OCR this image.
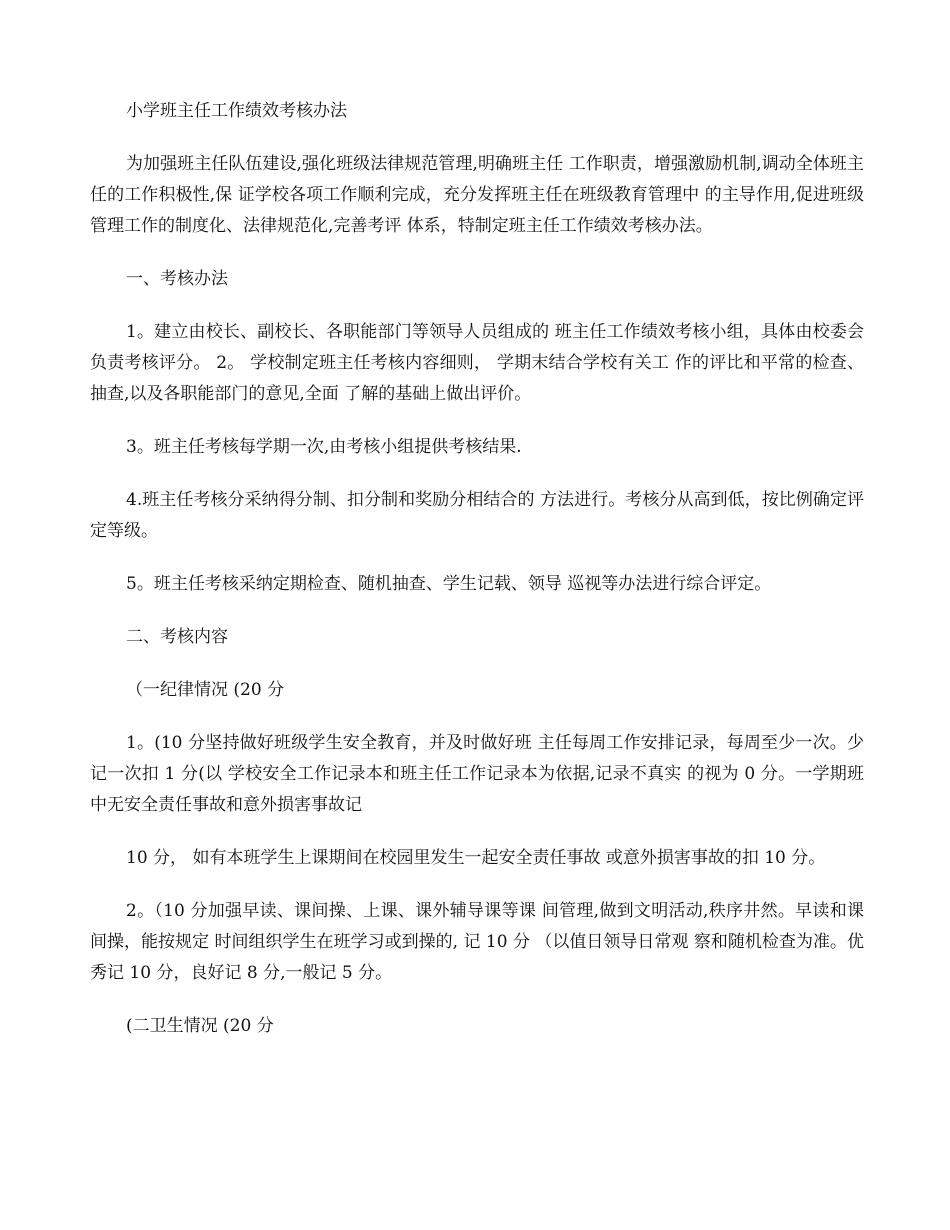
小学班主任工作绩效考核办法

为加强班主任队伍建设,强化班级法律规范管理,明确班主任 工作职责，增强激励机制,调动全体班主任的工作积极性,保 证学校各项工作顺利完成，充分发挥班主任在班级教育管理中 的主导作用,促进班级管理工作的制度化、法律规范化,完善考评 体系，特制定班主任工作绩效考核办法。

一、考核办法

1。建立由校长、副校长、各职能部门等领导人员组成的 班主任工作绩效考核小组，具体由校委会负责考核评分。 2。 学校制定班主任考核内容细则， 学期末结合学校有关工 作的评比和平常的检查、抽查,以及各职能部门的意见,全面 了解的基础上做出评价。

3。班主任考核每学期一次,由考核小组提供考核结果.

4.班主任考核分采纳得分制、扣分制和奖励分相结合的 方法进行。考核分从高到低，按比例确定评定等级。

5。班主任考核采纳定期检查、随机抽查、学生记载、领导 巡视等办法进行综合评定。

二、考核内容

（一纪律情况 (20 分

1。(10 分坚持做好班级学生安全教育，并及时做好班 主任每周工作安排记录，每周至少一次。少记一次扣 1 分(以 学校安全工作记录本和班主任工作记录本为依据,记录不真实 的视为 0 分。一学期班中无安全责任事故和意外损害事故记

10 分， 如有本班学生上课期间在校园里发生一起安全责任事故 或意外损害事故的扣 10 分。

2。（10 分加强早读、课间操、上课、课外辅导课等课 间管理,做到文明活动,秩序井然。早读和课间操，能按规定 时间组织学生在班学习或到操的, 记 10 分 （以值日领导日常观 察和随机检查为准。优秀记 10 分，良好记 8 分,一般记 5 分。

(二卫生情况 (20 分
